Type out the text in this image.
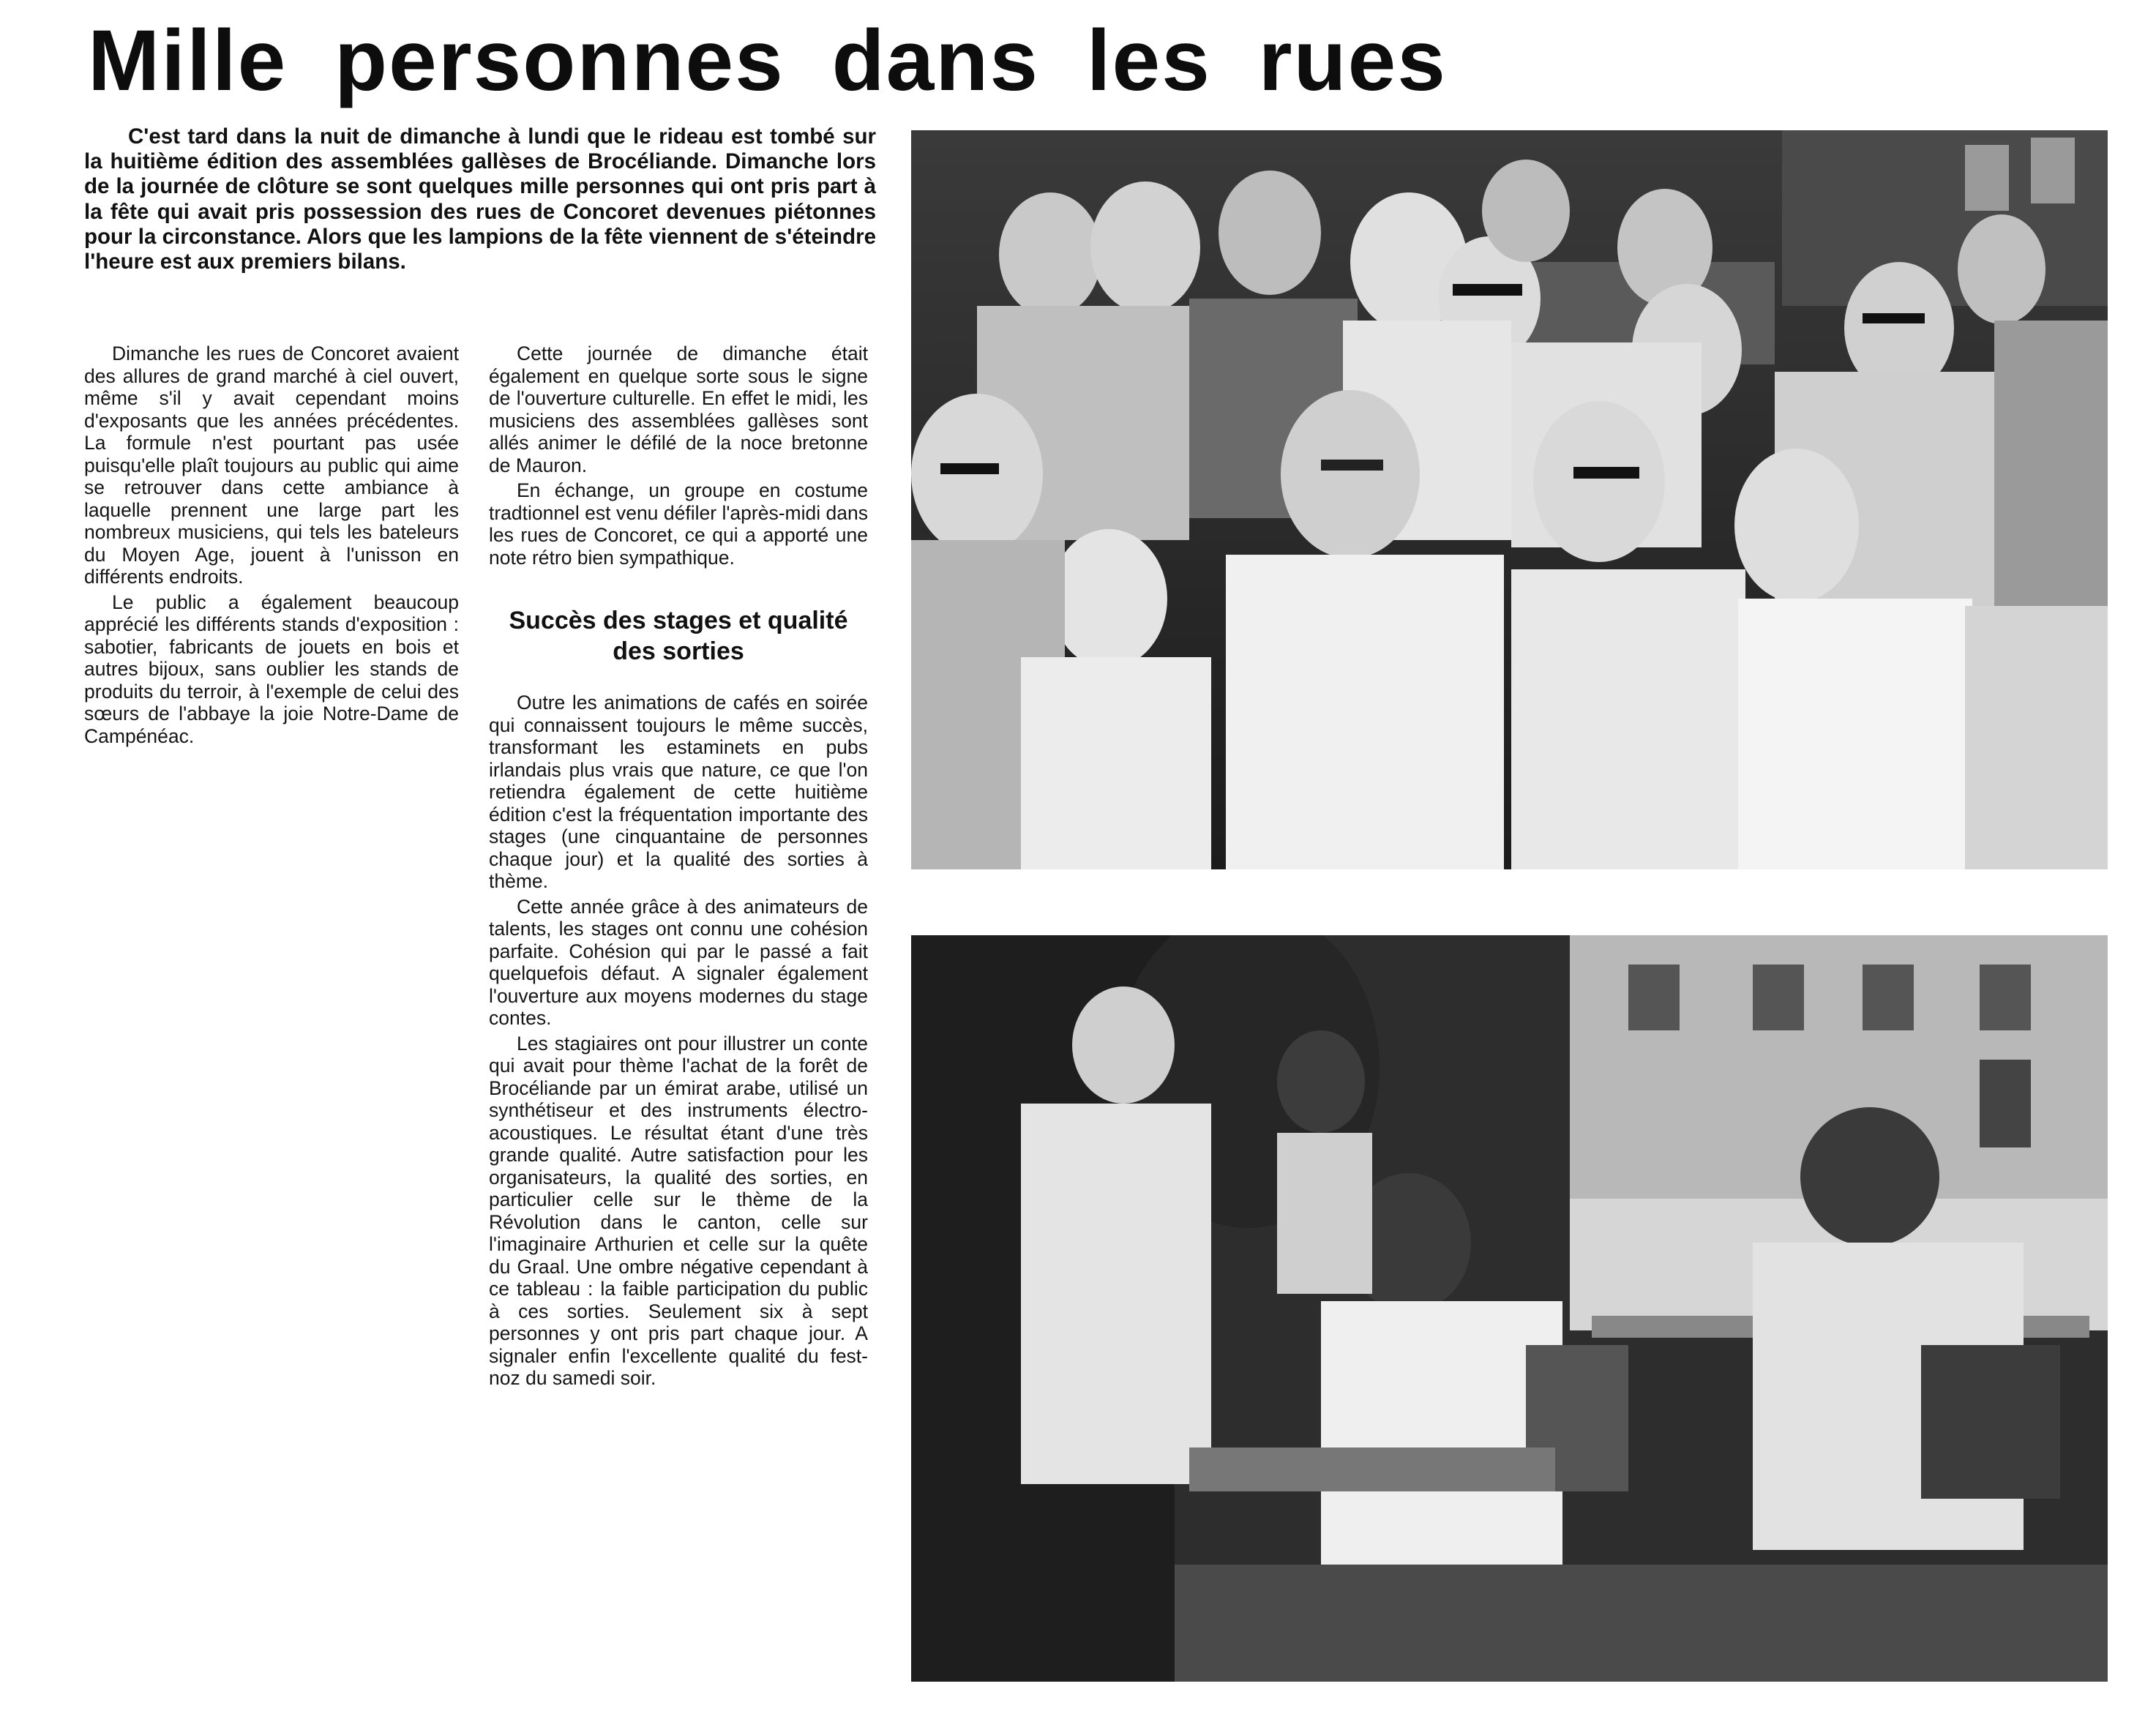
Mille personnes dans les rues

C'est tard dans la nuit de dimanche à lundi que le rideau est tombé sur la huitième édition des assemblées gallèses de Brocéliande. Dimanche lors de la journée de clôture se sont quelques mille personnes qui ont pris part à la fête qui avait pris possession des rues de Concoret devenues piétonnes pour la circonstance. Alors que les lampions de la fête viennent de s'éteindre l'heure est aux premiers bilans.

Dimanche les rues de Concoret avaient des allures de grand marché à ciel ouvert, même s'il y avait cependant moins d'exposants que les années précédentes. La formule n'est pourtant pas usée puisqu'elle plaît toujours au public qui aime se retrouver dans cette ambiance à laquelle prennent une large part les nombreux musiciens, qui tels les bateleurs du Moyen Age, jouent à l'unisson en différents endroits.

Le public a également beaucoup apprécié les différents stands d'exposition : sabotier, fabricants de jouets en bois et autres bijoux, sans oublier les stands de produits du terroir, à l'exemple de celui des sœurs de l'abbaye la joie Notre-Dame de Campénéac.

Cette journée de dimanche était également en quelque sorte sous le signe de l'ouverture culturelle. En effet le midi, les musiciens des assemblées gallèses sont allés animer le défilé de la noce bretonne de Mauron.

En échange, un groupe en costume tradtionnel est venu défiler l'après-midi dans les rues de Concoret, ce qui a apporté une note rétro bien sympathique.

Succès des stages et qualité des sorties

Outre les animations de cafés en soirée qui connaissent toujours le même succès, transformant les estaminets en pubs irlandais plus vrais que nature, ce que l'on retiendra également de cette huitième édition c'est la fréquentation importante des stages (une cinquantaine de personnes chaque jour) et la qualité des sorties à thème.

Cette année grâce à des animateurs de talents, les stages ont connu une cohésion parfaite. Cohésion qui par le passé a fait quelquefois défaut. A signaler également l'ouverture aux moyens modernes du stage contes.

Les stagiaires ont pour illustrer un conte qui avait pour thème l'achat de la forêt de Brocéliande par un émirat arabe, utilisé un synthétiseur et des instruments électro-acoustiques. Le résultat étant d'une très grande qualité. Autre satisfaction pour les organisateurs, la qualité des sorties, en particulier celle sur le thème de la Révolution dans le canton, celle sur l'imaginaire Arthurien et celle sur la quête du Graal. Une ombre négative cependant à ce tableau : la faible participation du public à ces sorties. Seulement six à sept personnes y ont pris part chaque jour. A signaler enfin l'excellente qualité du fest-noz du samedi soir.
